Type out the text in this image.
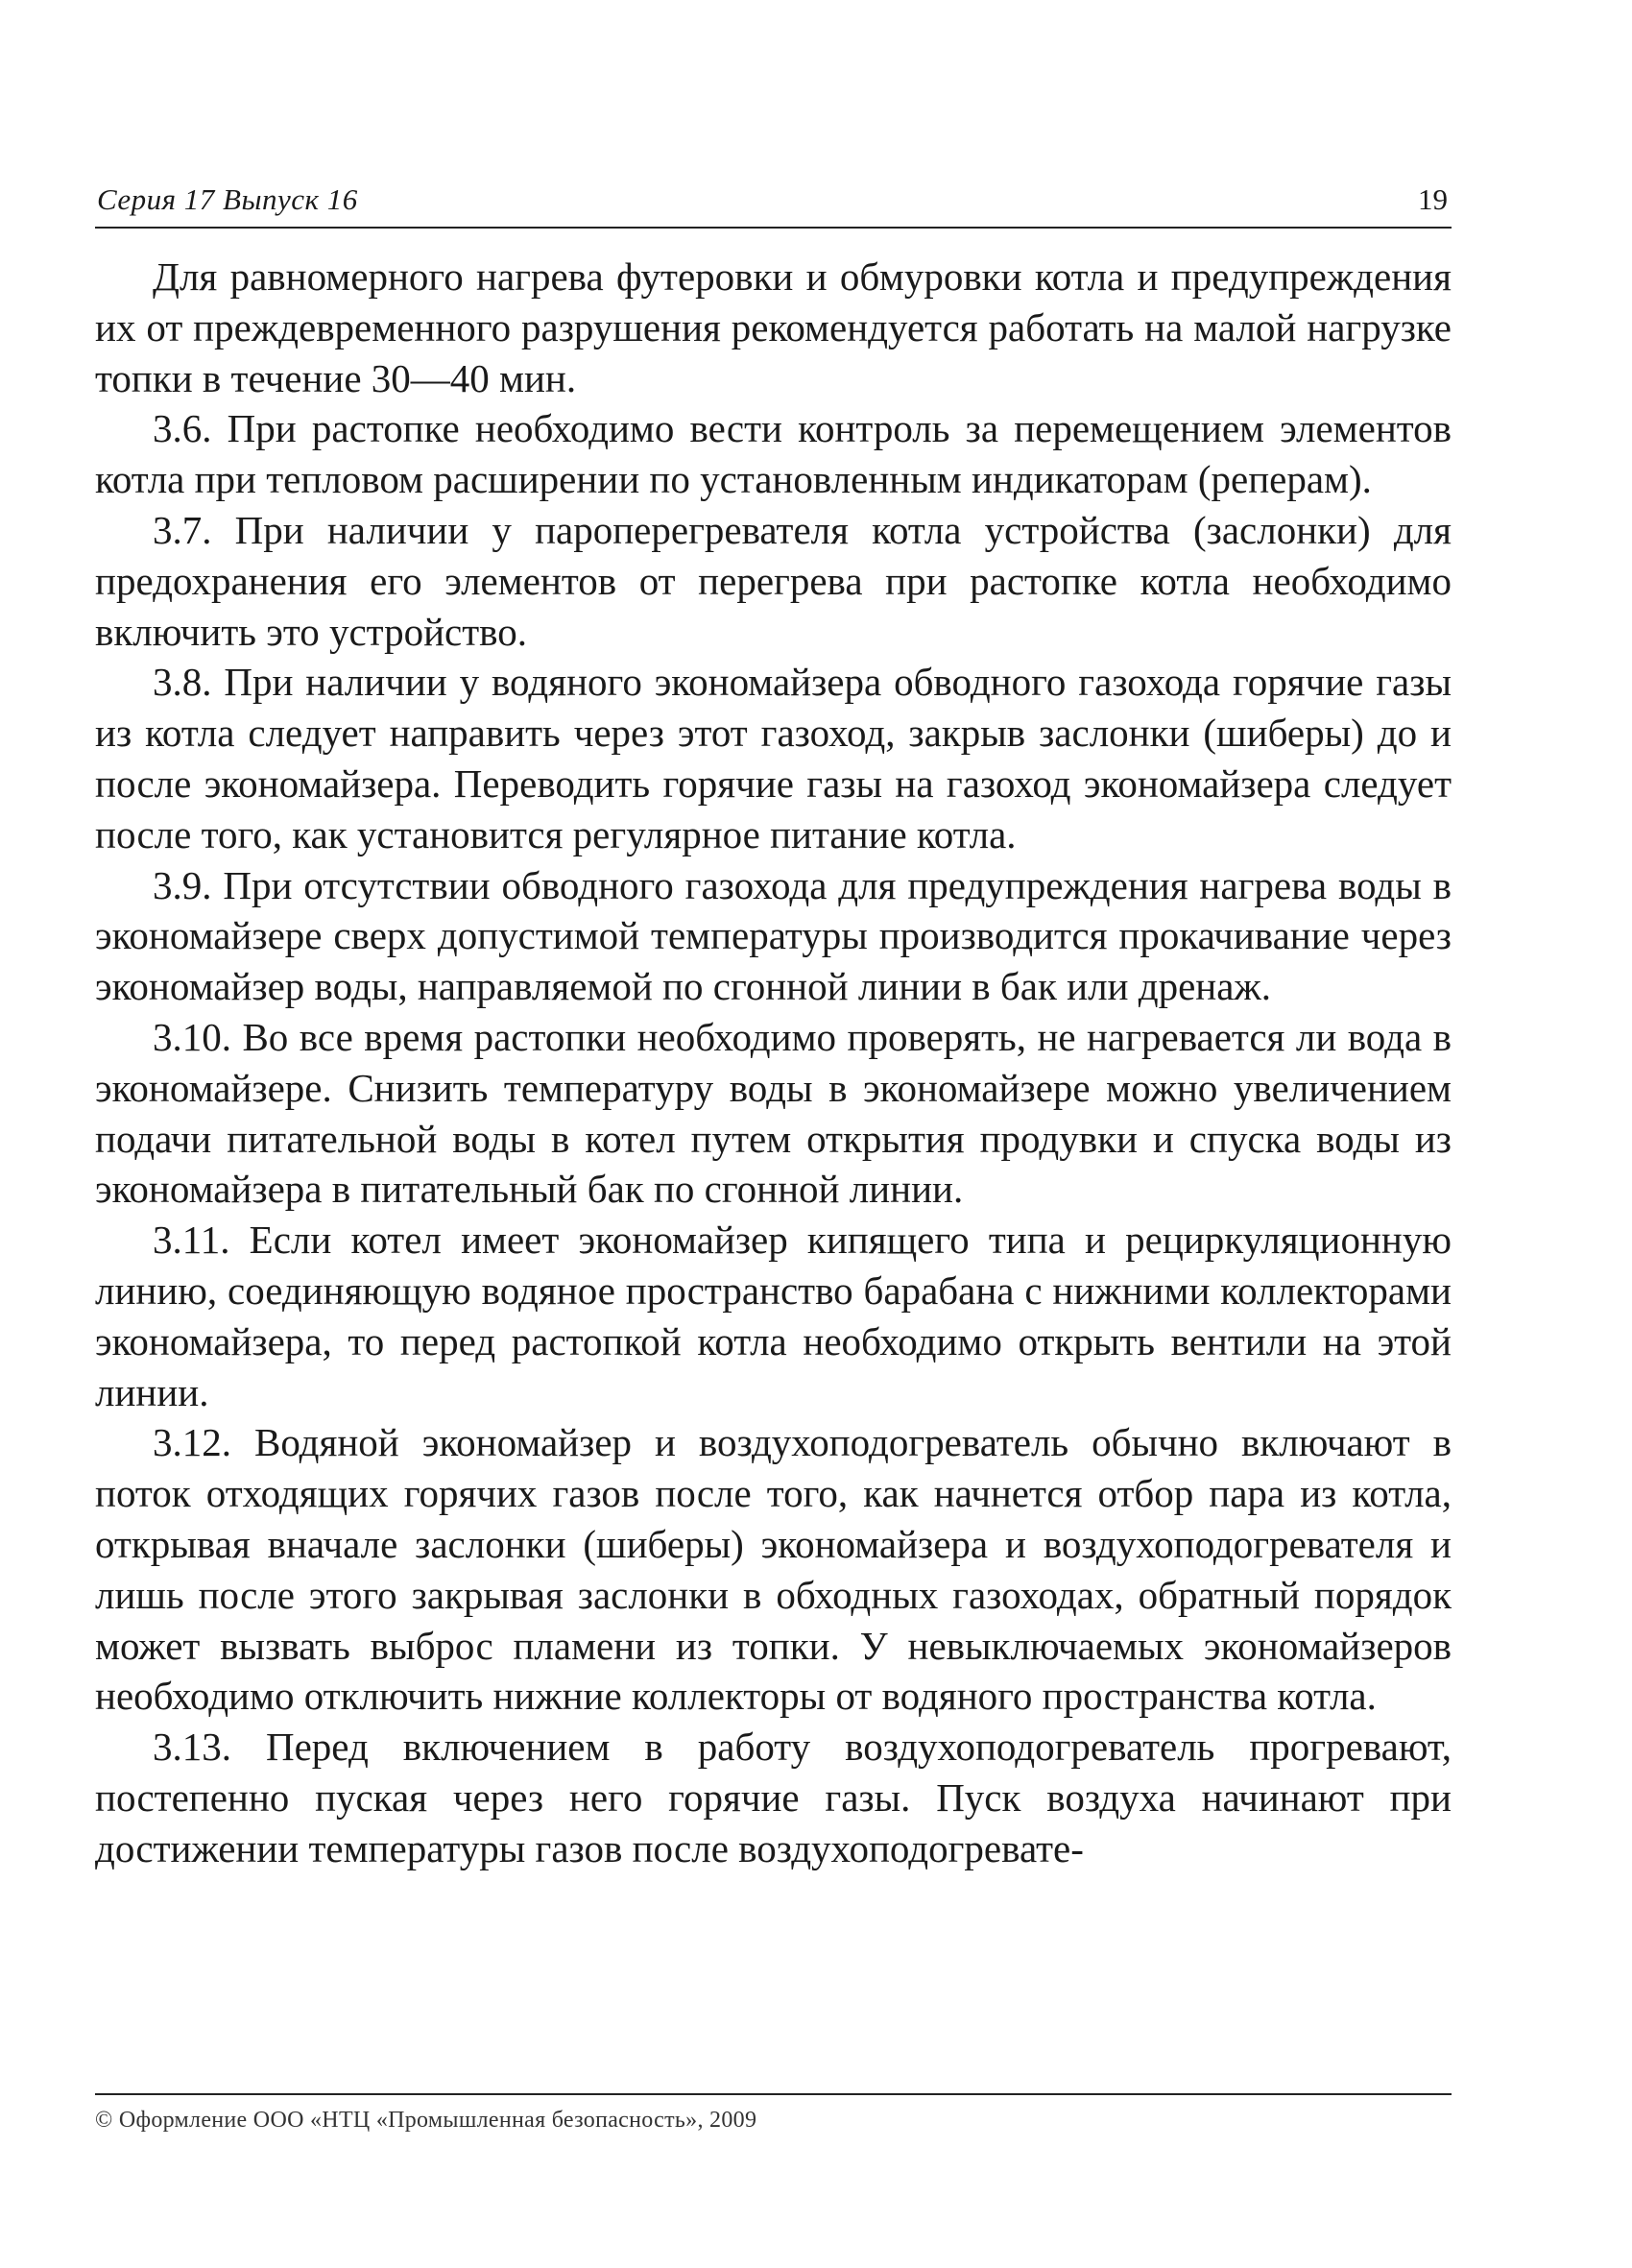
Серия 17 Выпуск 16	19

Для равномерного нагрева футеровки и обмуровки котла и предупреждения их от преждевременного разрушения рекомендуется работать на малой нагрузке топки в течение 30—40 мин.

3.6. При растопке необходимо вести контроль за перемещением элементов котла при тепловом расширении по установленным индикаторам (реперам).

3.7. При наличии у пароперегревателя котла устройства (заслонки) для предохранения его элементов от перегрева при растопке котла необходимо включить это устройство.

3.8. При наличии у водяного экономайзера обводного газохода горячие газы из котла следует направить через этот газоход, закрыв заслонки (шиберы) до и после экономайзера. Переводить горячие газы на газоход экономайзера следует после того, как установится регулярное питание котла.

3.9. При отсутствии обводного газохода для предупреждения нагрева воды в экономайзере сверх допустимой температуры производится прокачивание через экономайзер воды, направляемой по сгонной линии в бак или дренаж.

3.10. Во все время растопки необходимо проверять, не нагревается ли вода в экономайзере. Снизить температуру воды в экономайзере можно увеличением подачи питательной воды в котел путем открытия продувки и спуска воды из экономайзера в питательный бак по сгонной линии.

3.11. Если котел имеет экономайзер кипящего типа и рециркуляционную линию, соединяющую водяное пространство барабана с нижними коллекторами экономайзера, то перед растопкой котла необходимо открыть вентили на этой линии.

3.12. Водяной экономайзер и воздухоподогреватель обычно включают в поток отходящих горячих газов после того, как начнется отбор пара из котла, открывая вначале заслонки (шиберы) экономайзера и воздухоподогревателя и лишь после этого закрывая заслонки в обходных газоходах, обратный порядок может вызвать выброс пламени из топки. У невыключаемых экономайзеров необходимо отключить нижние коллекторы от водяного пространства котла.

3.13. Перед включением в работу воздухоподогреватель прогревают, постепенно пуская через него горячие газы. Пуск воздуха начинают при достижении температуры газов после воздухоподогревате-

© Оформление ООО «НТЦ «Промышленная безопасность», 2009
